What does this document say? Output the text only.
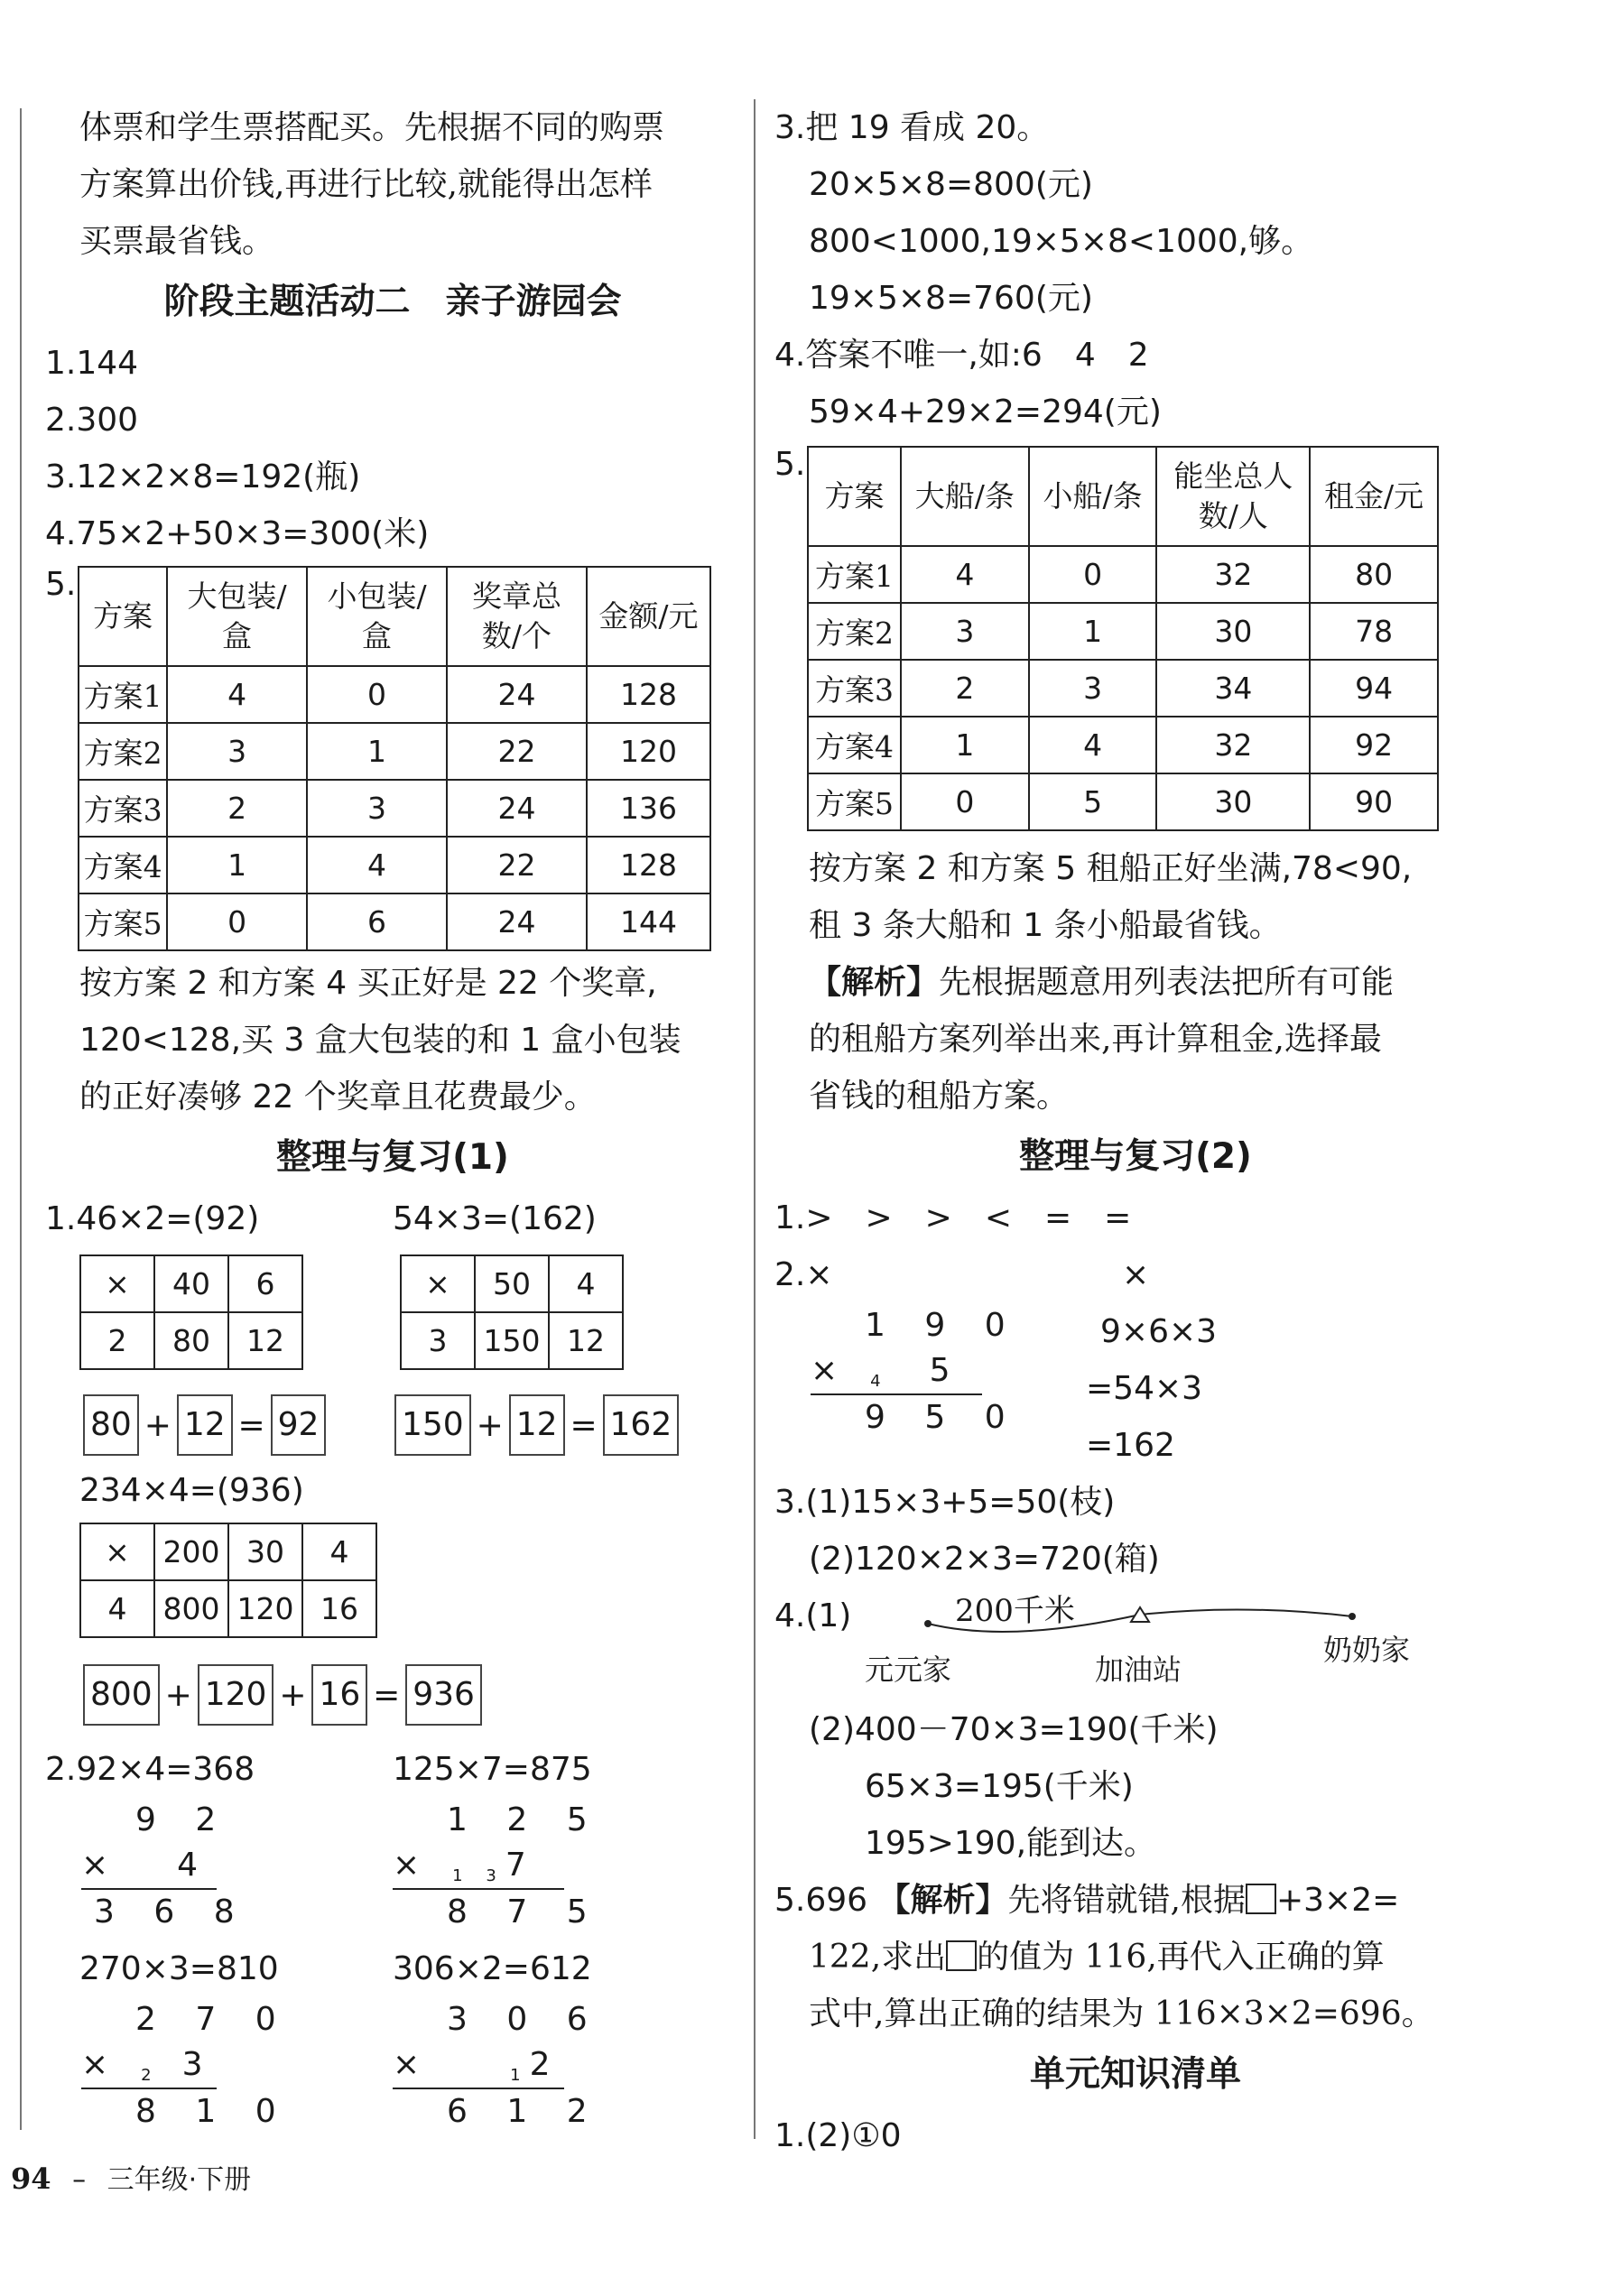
体票和学生票搭配买。先根据不同的购票
方案算出价钱,再进行比较,就能得出怎样
买票最省钱。
阶段主题活动二　亲子游园会
1.144
2.300
3.12×2×8=192(瓶)
4.75×2+50×3=300(米)
5.
方案	大包装/盒	小包装/盒	奖章总数/个	金额/元
方案1	4	0	24	128
方案2	3	1	22	120
方案3	2	3	24	136
方案4	1	4	22	128
方案5	0	6	24	144
按方案 2 和方案 4 买正好是 22 个奖章,
120<128,买 3 盒大包装的和 1 盒小包装
的正好凑够 22 个奖章且花费最少。
整理与复习(1)
1.46×2=(92)	54×3=(162)
×	40	6
2	80	12
×	50	4
3	150	12
80 + 12 = 92	150 + 12 = 162
234×4=(936)
×	200	30	4
4	800	120	16
800 + 120 + 16 = 936
2.92×4=368	125×7=875
9 2
× 4
3 6 8
1 2 5
× 1 37
8 7 5
270×3=810	306×2=612
2 7 0
× 2 3
8 1 0
3 0 6
×	12
6 1 2
3.把 19 看成 20。
20×5×8=800(元)
800<1000,19×5×8<1000,够。
19×5×8=760(元)
4.答案不唯一,如:6　4　2
59×4+29×2=294(元)
5.
方案	大船/条	小船/条	能坐总人数/人	租金/元
方案1	4	0	32	80
方案2	3	1	30	78
方案3	2	3	34	94
方案4	1	4	32	92
方案5	0	5	30	90
按方案 2 和方案 5 租船正好坐满,78<90,
租 3 条大船和 1 条小船最省钱。
【解析】先根据题意用列表法把所有可能
的租船方案列举出来,再计算租金,选择最
省钱的租船方案。
整理与复习(2)
1.>　>　>　<　=　=
2.×	×
1 9 0
× 4 5
9 5 0
9×6×3
=54×3
=162
3.(1)15×3+5=50(枝)
(2)120×2×3=720(箱)
4.(1)	200千米
元元家	加油站
奶奶家
(2)400－70×3=190(千米)
65×3=195(千米)
195>190,能到达。
5.696 【解析】先将错就错,根据 +3×2=
122,求出 的值为 116,再代入正确的算
式中,算出正确的结果为 116×3×2=696。
单元知识清单
1.(2)①0
94 – 三年级·下册
